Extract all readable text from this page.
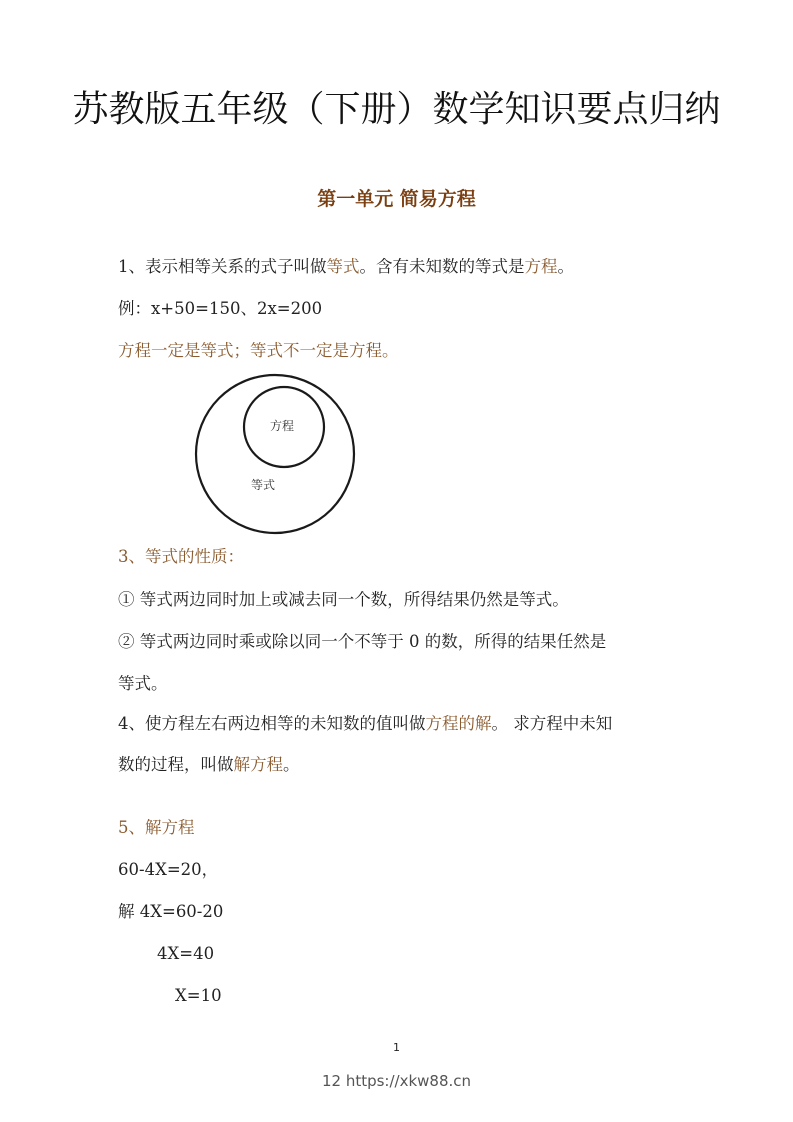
苏教版五年级（下册）数学知识要点归纳
第一单元 简易方程
1、表示相等关系的式子叫做等式。含有未知数的等式是方程。
例：x+50=150、2x=200
方程一定是等式；等式不一定是方程。
方程
等式
3、等式的性质：
① 等式两边同时加上或减去同一个数，所得结果仍然是等式。
② 等式两边同时乘或除以同一个不等于 0 的数，所得的结果任然是
等式。
4、使方程左右两边相等的未知数的值叫做方程的解。 求方程中未知
数的过程，叫做解方程。
5、解方程
60-4X=20，
解 4X=60-20
4X=40
X=10
1
12 https://xkw88.cn
